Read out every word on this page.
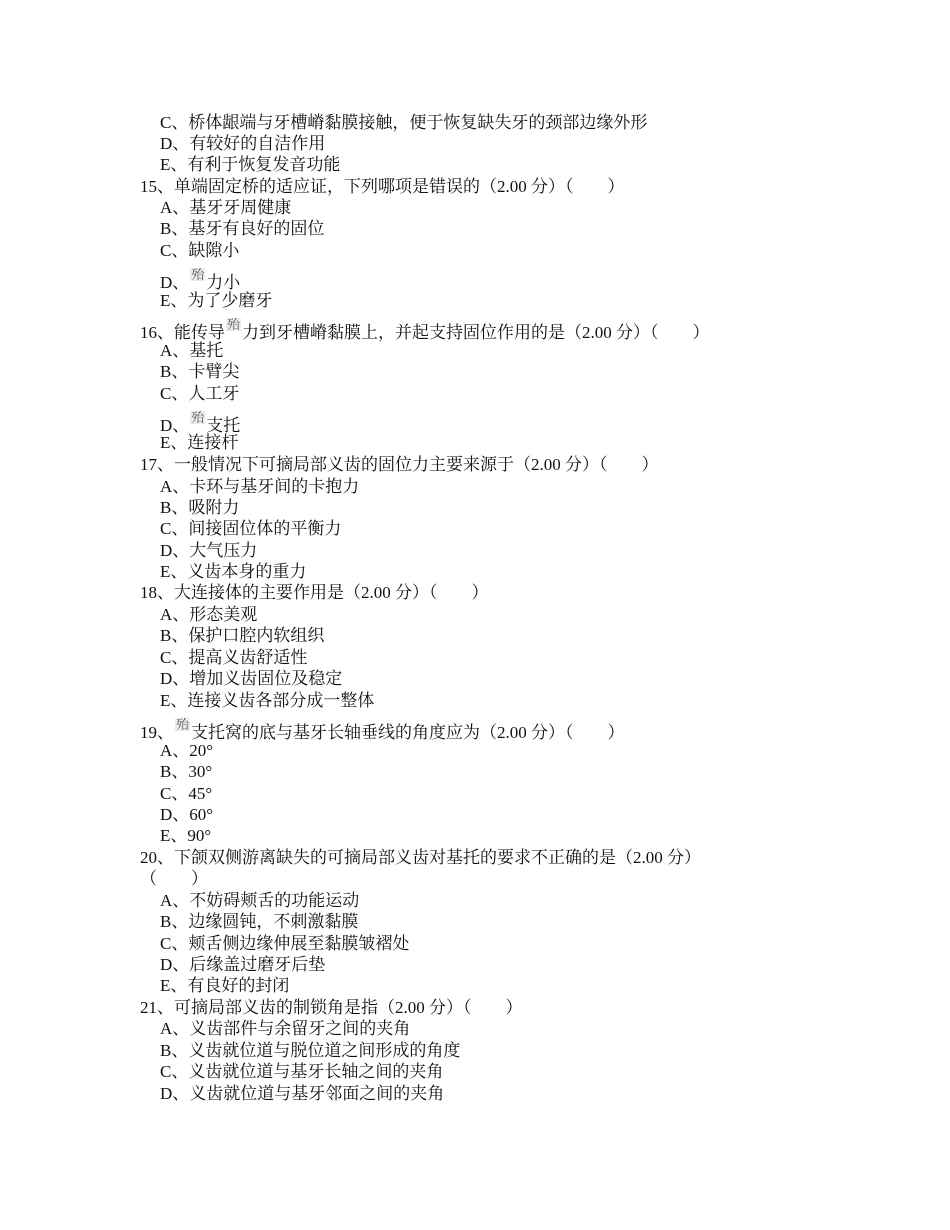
C、桥体龈端与牙槽嵴黏膜接触，便于恢复缺失牙的颈部边缘外形
D、有较好的自洁作用
E、有利于恢复发音功能
15、单端固定桥的适应证，下列哪项是错误的（2.00 分）（　　）
A、基牙牙周健康
B、基牙有良好的固位
C、缺隙小
D、 殆 力小
E、为了少磨牙
16、能传导 殆 力到牙槽嵴黏膜上，并起支持固位作用的是（2.00 分）（　　）
A、基托
B、卡臂尖
C、人工牙
D、 殆 支托
E、连接杆
17、一般情况下可摘局部义齿的固位力主要来源于（2.00 分）（　　）
A、卡环与基牙间的卡抱力
B、吸附力
C、间接固位体的平衡力
D、大气压力
E、义齿本身的重力
18、大连接体的主要作用是（2.00 分）（　　）
A、形态美观
B、保护口腔内软组织
C、提高义齿舒适性
D、增加义齿固位及稳定
E、连接义齿各部分成一整体
19、 殆 支托窝的底与基牙长轴垂线的角度应为（2.00 分）（　　）
A、20°
B、30°
C、45°
D、60°
E、90°
20、下颌双侧游离缺失的可摘局部义齿对基托的要求不正确的是（2.00 分）
（　　）
A、不妨碍颊舌的功能运动
B、边缘圆钝，不刺激黏膜
C、颊舌侧边缘伸展至黏膜皱褶处
D、后缘盖过磨牙后垫
E、有良好的封闭
21、可摘局部义齿的制锁角是指（2.00 分）（　　）
A、义齿部件与余留牙之间的夹角
B、义齿就位道与脱位道之间形成的角度
C、义齿就位道与基牙长轴之间的夹角
D、义齿就位道与基牙邻面之间的夹角
